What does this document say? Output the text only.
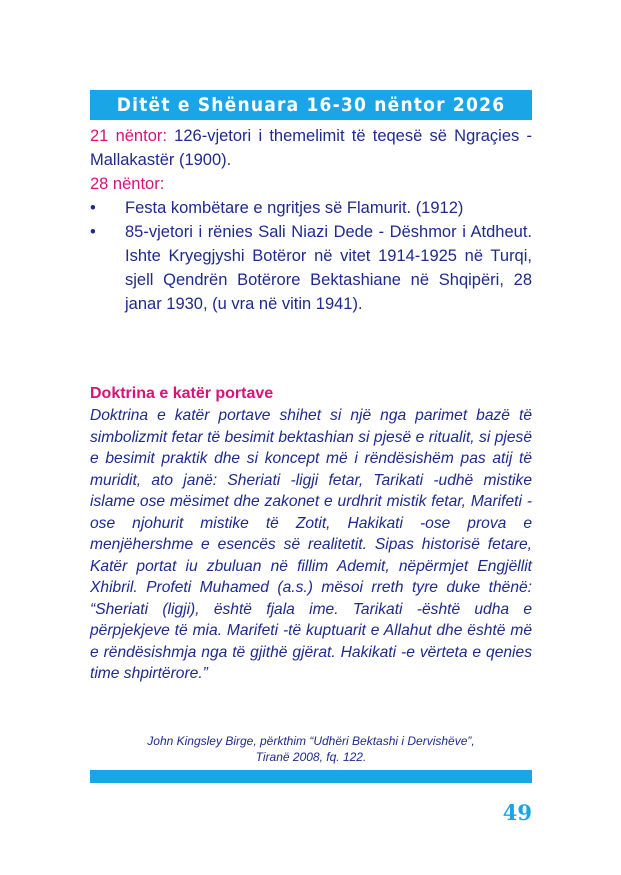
Ditët e Shënuara 16-30 nëntor 2026

21 nëntor: 126-vjetori i themelimit të teqesë së Ngraçies - Mallakastër (1900).

28 nëntor:

• Festa kombëtare e ngritjes së Flamurit. (1912)
• 85-vjetori i rënies Sali Niazi Dede - Dëshmor i Atdheut. Ishte Kryegjyshi Botëror në vitet 1914-1925 në Turqi, sjell Qendrën Botërore Bektashiane në Shqipëri, 28 janar 1930, (u vra në vitin 1941).
Doktrina e katër portave

Doktrina e katër portave shihet si një nga parimet bazë të simbolizmit fetar të besimit bektashian si pjesë e ritualit, si pjesë e besimit praktik dhe si koncept më i rëndësishëm pas atij të muridit, ato janë: Sheriati -ligji fetar, Tarikati -udhë mistike islame ose mësimet dhe zakonet e urdhrit mistik fetar, Marifeti -ose njohurit mistike të Zotit, Hakikati -ose prova e menjëhershme e esencës së realitetit. Sipas historisë fetare, Katër portat iu zbuluan në fillim Ademit, nëpërmjet Engjëllit Xhibril. Profeti Muhamed (a.s.) mësoi rreth tyre duke thënë: “Sheriati (ligji), është fjala ime. Tarikati -është udha e përpjekjeve të mia. Marifeti -të kuptuarit e Allahut dhe është më e rëndësishmja nga të gjithë gjërat. Hakikati -e vërteta e qenies time shpirtërore.”

John Kingsley Birge, përkthim “Udhëri Bektashi i Dervishëve”,
Tiranë 2008, fq. 122.
49
